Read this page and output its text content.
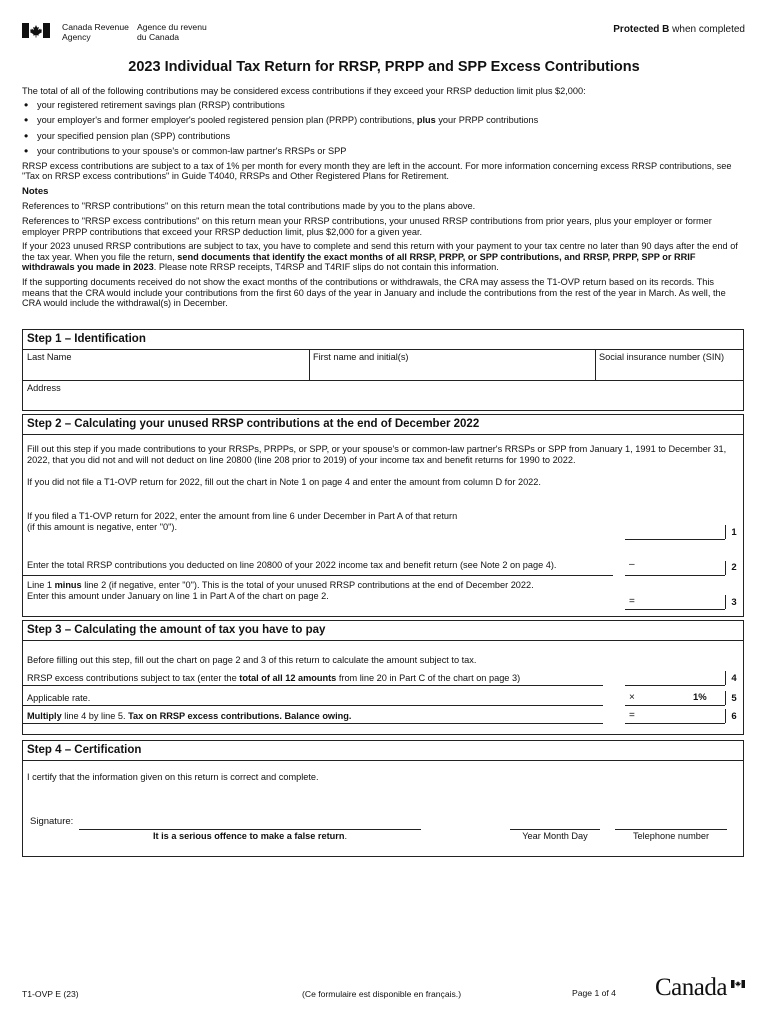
Canada Revenue
Agency
Agence du revenu
du Canada
Protected B when completed
2023 Individual Tax Return for RRSP, PRPP and SPP Excess Contributions

The total of all of the following contributions may be considered excess contributions if they exceed your RRSP deduction limit plus $2,000:

• your registered retirement savings plan (RRSP) contributions
• your employer's and former employer's pooled registered pension plan (PRPP) contributions, plus your PRPP contributions
• your specified pension plan (SPP) contributions
• your contributions to your spouse's or common-law partner's RRSPs or SPP

RRSP excess contributions are subject to a tax of 1% per month for every month they are left in the account. For more information concerning excess RRSP contributions, see "Tax on RRSP excess contributions" in Guide T4040, RRSPs and Other Registered Plans for Retirement.

Notes

References to "RRSP contributions" on this return mean the total contributions made by you to the plans above.

References to "RRSP excess contributions" on this return mean your RRSP contributions, your unused RRSP contributions from prior years, plus your employer or former employer PRPP contributions that exceed your RRSP deduction limit, plus $2,000 for a given year.

If your 2023 unused RRSP contributions are subject to tax, you have to complete and send this return with your payment to your tax centre no later than 90 days after the end of the tax year. When you file the return, send documents that identify the exact months of all RRSP, PRPP, or SPP contributions, and RRSP, PRPP, SPP or RRIF withdrawals you made in 2023. Please note RRSP receipts, T4RSP and T4RIF slips do not contain this information.

If the supporting documents received do not show the exact months of the contributions or withdrawals, the CRA may assess the T1-OVP return based on its records. This means that the CRA would include your contributions from the first 60 days of the year in January and include the contributions from the rest of the year in March. As well, the CRA would include the withdrawal(s) in December.

Step 1 – Identification
Last Name	First name and initial(s)	Social insurance number (SIN)
Address
Step 2 – Calculating your unused RRSP contributions at the end of December 2022

Fill out this step if you made contributions to your RRSPs, PRPPs, or SPP, or your spouse's or common-law partner's RRSPs or SPP from January 1, 1991 to December 31, 2022, that you did not and will not deduct on line 20800 (line 208 prior to 2019) of your income tax and benefit returns for 1990 to 2022.

If you did not file a T1-OVP return for 2022, fill out the chart in Note 1 on page 4 and enter the amount from column D for 2022.

If you filed a T1-OVP return for 2022, enter the amount from line 6 under December in Part A of that return
(if this amount is negative, enter "0").

1

Enter the total RRSP contributions you deducted on line 20800 of your 2022 income tax and benefit return (see Note 2 on page 4).	–	2

Line 1 minus line 2 (if negative, enter "0"). This is the total of your unused RRSP contributions at the end of December 2022.
Enter this amount under January on line 1 in Part A of the chart on page 2.

=	3
Step 3 – Calculating the amount of tax you have to pay

Before filling out this step, fill out the chart on page 2 and 3 of this return to calculate the amount subject to tax.

RRSP excess contributions subject to tax (enter the total of all 12 amounts from line 20 in Part C of the chart on page 3)	4

Applicable rate.	×	1%	5

Multiply line 4 by line 5. Tax on RRSP excess contributions. Balance owing.	=	6
Step 4 – Certification

I certify that the information given on this return is correct and complete.

Signature:
It is a serious offence to make a false return.	Year Month Day	Telephone number
T1-OVP E (23)	(Ce formulaire est disponible en français.)	Page 1 of 4 Canada
